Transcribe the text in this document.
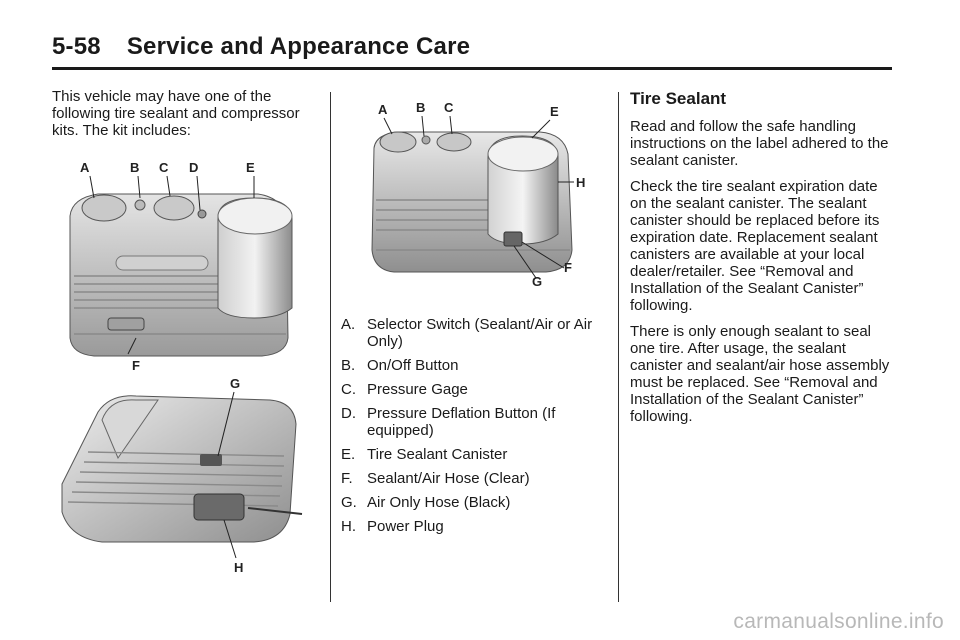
5-58 Service and Appearance Care

This vehicle may have one of the following tire sealant and compressor kits. The kit includes:

A	B C D	E
F
G
H
A B C	E
H
F
G
A. Selector Switch (Sealant/Air or Air Only)
B. On/Off Button
C. Pressure Gage
D. Pressure Deflation Button (If equipped)
E. Tire Sealant Canister
F. Sealant/Air Hose (Clear)
G. Air Only Hose (Black)
H. Power Plug
Tire Sealant

Read and follow the safe handling instructions on the label adhered to the sealant canister.

Check the tire sealant expiration date on the sealant canister. The sealant canister should be replaced before its expiration date. Replacement sealant canisters are available at your local dealer/retailer. See “Removal and Installation of the Sealant Canister” following.

There is only enough sealant to seal one tire. After usage, the sealant canister and sealant/air hose assembly must be replaced. See “Removal and Installation of the Sealant Canister” following.

carmanualsonline.info
